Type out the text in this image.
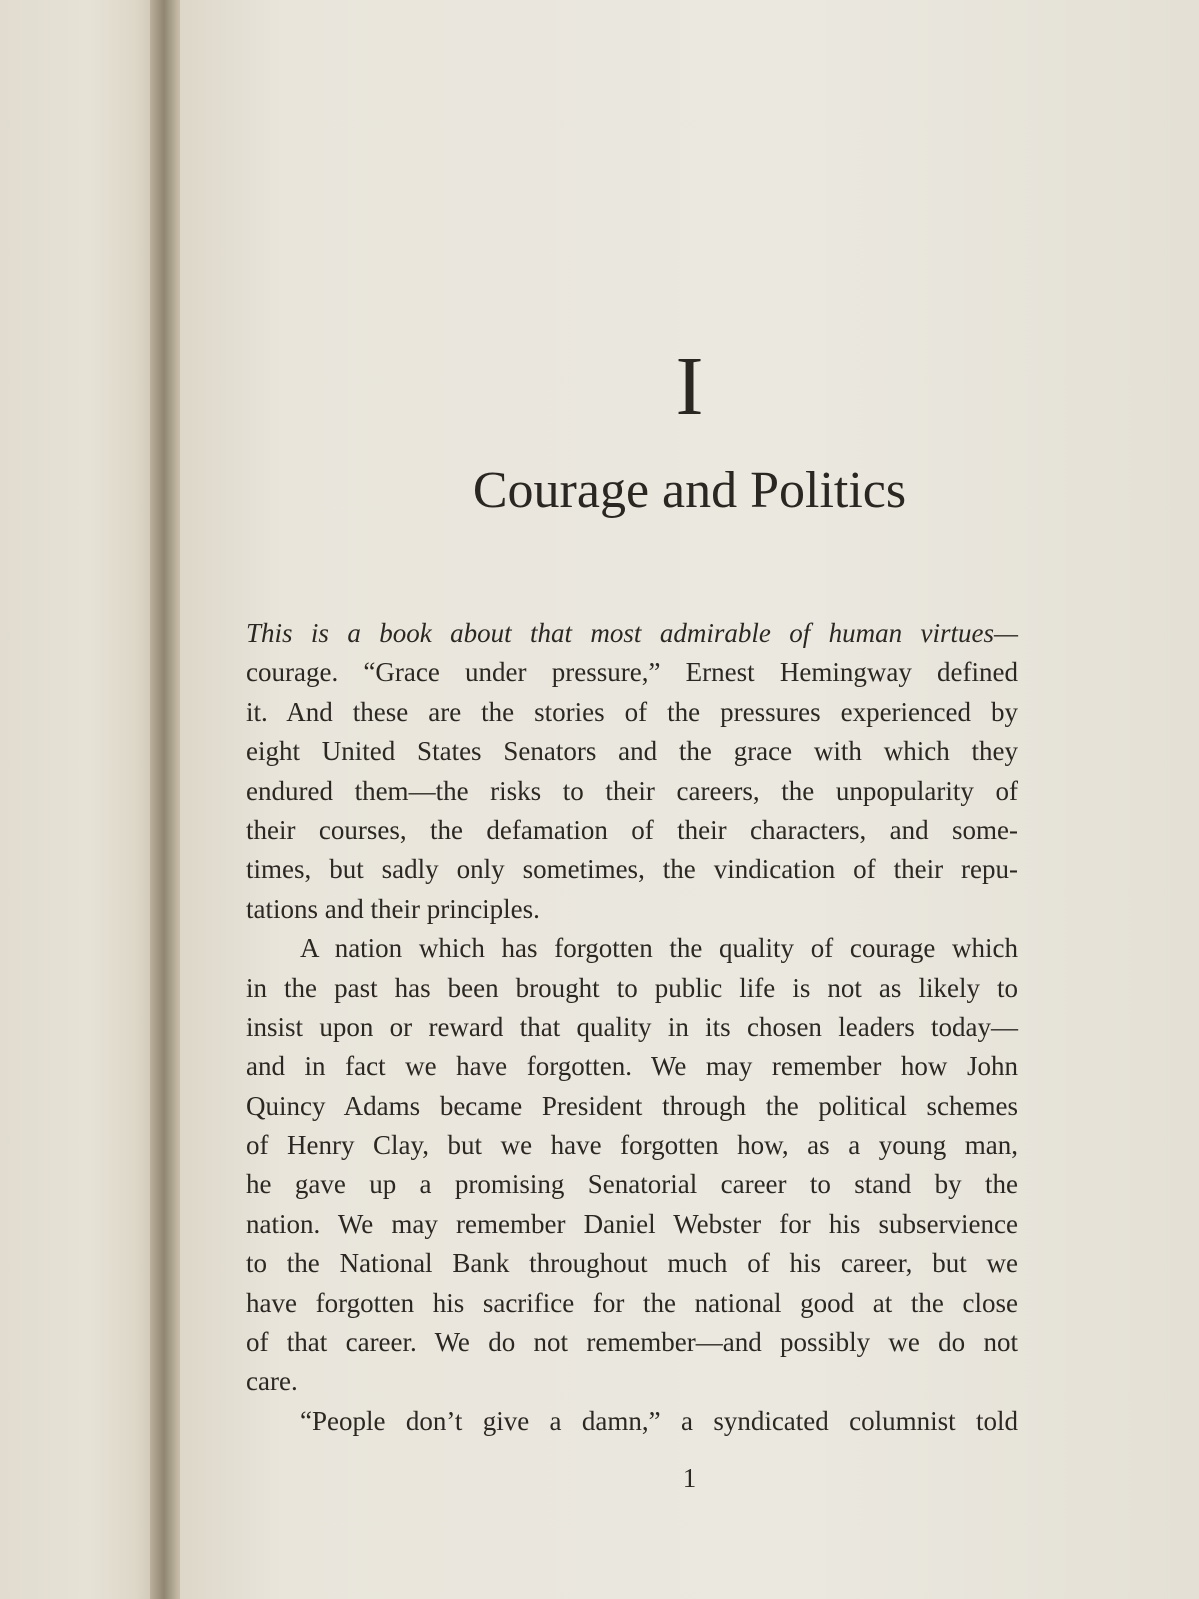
I
Courage and Politics
This is a book about that most admirable of human virtues—
courage. “Grace under pressure,” Ernest Hemingway defined
it. And these are the stories of the pressures experienced by
eight United States Senators and the grace with which they
endured them—the risks to their careers, the unpopularity of
their courses, the defamation of their characters, and some-
times, but sadly only sometimes, the vindication of their repu-
tations and their principles.
A nation which has forgotten the quality of courage which
in the past has been brought to public life is not as likely to
insist upon or reward that quality in its chosen leaders today—
and in fact we have forgotten. We may remember how John
Quincy Adams became President through the political schemes
of Henry Clay, but we have forgotten how, as a young man,
he gave up a promising Senatorial career to stand by the
nation. We may remember Daniel Webster for his subservience
to the National Bank throughout much of his career, but we
have forgotten his sacrifice for the national good at the close
of that career. We do not remember—and possibly we do not
care.
“People don’t give a damn,” a syndicated columnist told

1
